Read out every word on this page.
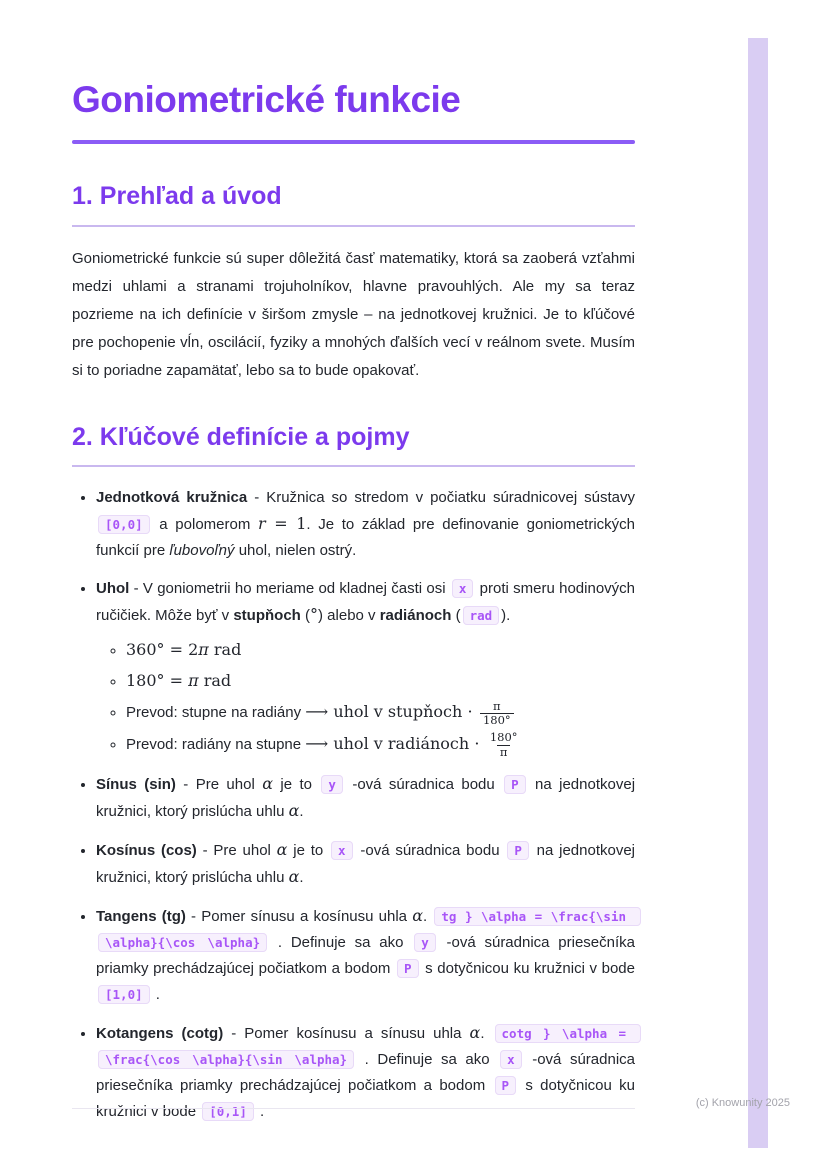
Goniometrické funkcie
1. Prehľad a úvod

Goniometrické funkcie sú super dôležitá časť matematiky, ktorá sa zaoberá vzťahmi medzi uhlami a stranami trojuholníkov, hlavne pravouhlých. Ale my sa teraz pozrieme na ich definície v širšom zmysle – na jednotkovej kružnici. Je to kľúčové pre pochopenie vĺn, oscilácií, fyziky a mnohých ďalších vecí v reálnom svete. Musím si to poriadne zapamätať, lebo sa to bude opakovať.

2. Kľúčové definície a pojmy
• Jednotková kružnica - Kružnica so stredom v počiatku súradnicovej sústavy [0,0] a polomerom r = 1. Je to základ pre definovanie goniometrických funkcií pre ľubovoľný uhol, nielen ostrý.
• Uhol - V goniometrii ho meriame od kladnej časti osi x proti smeru hodinových ručičiek. Môže byť v stupňoch (°) alebo v radiánoch ( rad ).
◦ 360° = 2π rad
◦ 180° = π rad
◦ Prevod: stupne na radiány ⟶ uhol v stupňoch ⋅ $\frac{\pi}{180^\circ}$
◦ Prevod: radiány na stupne ⟶ uhol v radiánoch ⋅ $\frac{180^\circ}{\pi}$
• Sínus (sin) - Pre uhol α je to y -ová súradnica bodu P na jednotkovej kružnici, ktorý prislúcha uhlu α.
• Kosínus (cos) - Pre uhol α je to x -ová súradnica bodu P na jednotkovej kružnici, ktorý prislúcha uhlu α.
• Tangens (tg) - Pomer sínusu a kosínusu uhla α. tg } \alpha = \frac{\sin \alpha}{\cos \alpha} . Definuje sa ako y -ová súradnica priesečníka priamky prechádzajúcej počiatkom a bodom P s dotyčnicou ku kružnici v bode [1,0] .
• Kotangens (cotg) - Pomer kosínusu a sínusu uhla α. cotg } \alpha = \frac{\cos \alpha}{\sin \alpha} . Definuje sa ako x -ová súradnica priesečníka priamky prechádzajúcej počiatkom a bodom P s dotyčnicou ku kružnici v bode [0,1] .	(c) Knowunity 2025
